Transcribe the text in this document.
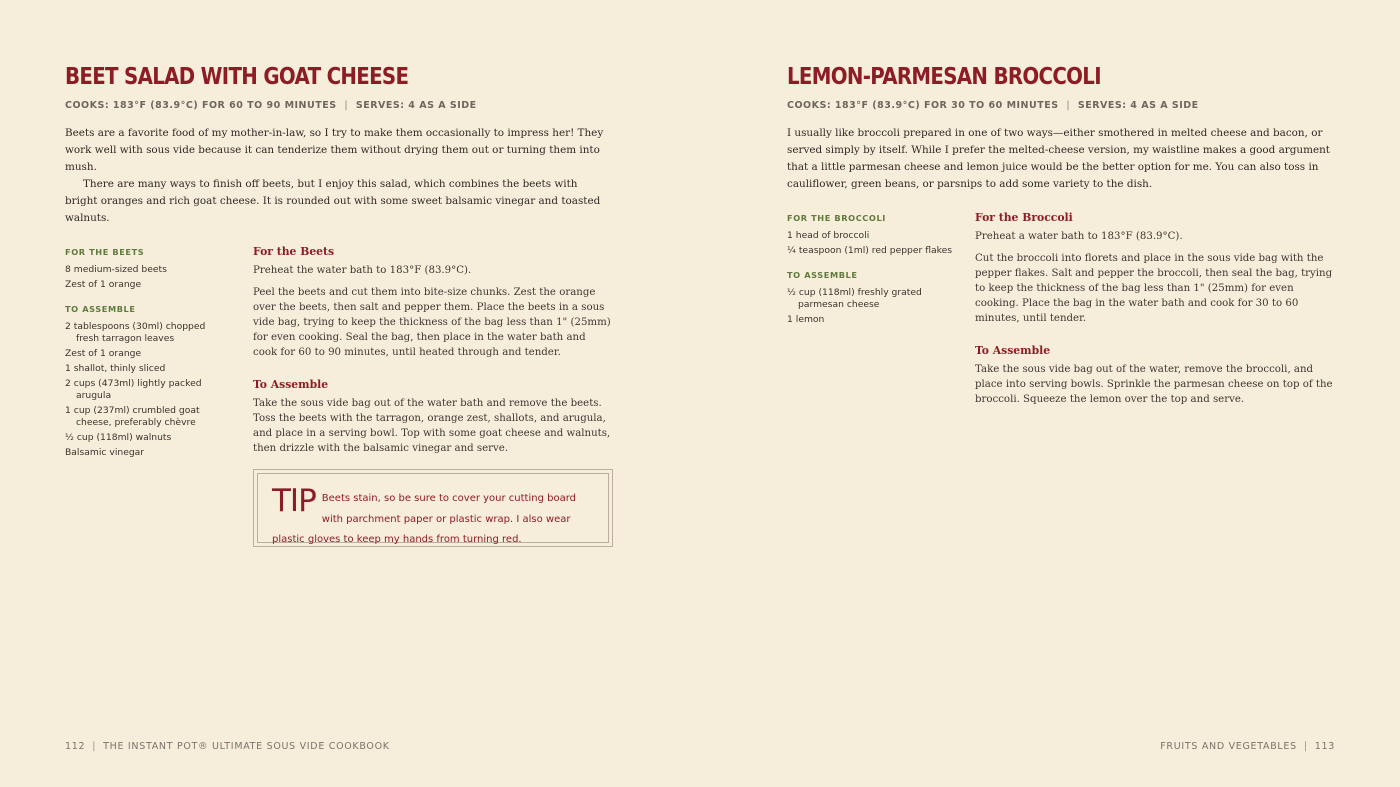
BEET SALAD WITH GOAT CHEESE
COOKS: 183°F (83.9°C) FOR 60 TO 90 MINUTES | SERVES: 4 AS A SIDE

Beets are a favorite food of my mother-in-law, so I try to make them occasionally to impress her! They work well with sous vide because it can tenderize them without drying them out or turning them into mush.

There are many ways to finish off beets, but I enjoy this salad, which combines the beets with bright oranges and rich goat cheese. It is rounded out with some sweet balsamic vinegar and toasted walnuts.

FOR THE BEETS
8 medium-sized beets
Zest of 1 orange
TO ASSEMBLE
2 tablespoons (30ml) chopped
fresh tarragon leaves
Zest of 1 orange
1 shallot, thinly sliced
2 cups (473ml) lightly packed
arugula
1 cup (237ml) crumbled goat
cheese, preferably chèvre
½ cup (118ml) walnuts
Balsamic vinegar
For the Beets

Preheat the water bath to 183°F (83.9°C).

Peel the beets and cut them into bite-size chunks. Zest the orange over the beets, then salt and pepper them. Place the beets in a sous vide bag, trying to keep the thickness of the bag less than 1" (25mm) for even cooking. Seal the bag, then place in the water bath and cook for 60 to 90 minutes, until heated through and tender.

To Assemble

Take the sous vide bag out of the water bath and remove the beets. Toss the beets with the tarragon, orange zest, shallots, and arugula, and place in a serving bowl. Top with some goat cheese and walnuts, then drizzle with the balsamic vinegar and serve.

TIP Beets stain, so be sure to cover your cutting board with parchment paper or plastic wrap. I also wear plastic gloves to keep my hands from turning red.
112 | THE INSTANT POT® ULTIMATE SOUS VIDE COOKBOOK
LEMON-PARMESAN BROCCOLI
COOKS: 183°F (83.9°C) FOR 30 TO 60 MINUTES | SERVES: 4 AS A SIDE

I usually like broccoli prepared in one of two ways—either smothered in melted cheese and bacon, or served simply by itself. While I prefer the melted-cheese version, my waistline makes a good argument that a little parmesan cheese and lemon juice would be the better option for me. You can also toss in cauliflower, green beans, or parsnips to add some variety to the dish.

FOR THE BROCCOLI
1 head of broccoli
¼ teaspoon (1ml) red pepper flakes
TO ASSEMBLE
½ cup (118ml) freshly grated
parmesan cheese
1 lemon
For the Broccoli

Preheat a water bath to 183°F (83.9°C).

Cut the broccoli into florets and place in the sous vide bag with the pepper flakes. Salt and pepper the broccoli, then seal the bag, trying to keep the thickness of the bag less than 1" (25mm) for even cooking. Place the bag in the water bath and cook for 30 to 60 minutes, until tender.

To Assemble

Take the sous vide bag out of the water, remove the broccoli, and place into serving bowls. Sprinkle the parmesan cheese on top of the broccoli. Squeeze the lemon over the top and serve.

FRUITS AND VEGETABLES | 113
